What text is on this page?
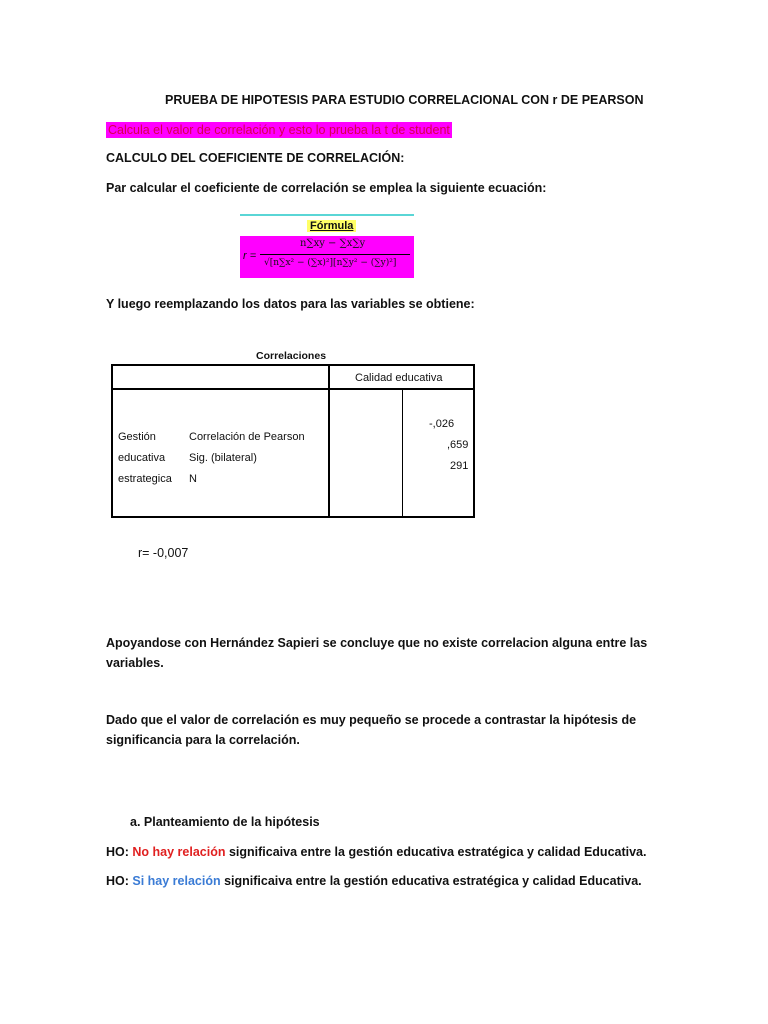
PRUEBA DE HIPOTESIS PARA ESTUDIO CORRELACIONAL CON r DE PEARSON
Calcula el valor de correlación y esto lo prueba la t de student
CALCULO DEL COEFICIENTE DE CORRELACIÓN:
Par calcular el coeficiente de correlación se emplea la siguiente ecuación:
Fórmula
r =
n∑xy − ∑x∑y
√[n∑x² − (∑x)²][n∑y² − (∑y)²]
Y luego reemplazando los datos para las variables se obtiene:
Correlaciones
Calidad educativa
Gestión
educativa
estrategica
Correlación de Pearson
Sig. (bilateral)
N
-,026
,659
291
r= -0,007
Apoyandose con Hernández Sapieri se concluye que no existe correlacion alguna entre las
variables.
Dado que el valor de correlación es muy pequeño se procede a contrastar la hipótesis de
significancia para la correlación.
a. Planteamiento de la hipótesis
HO: No hay relación significaiva entre la gestión educativa estratégica y calidad Educativa.
HO: Si hay relación significaiva entre la gestión educativa estratégica y calidad Educativa.
